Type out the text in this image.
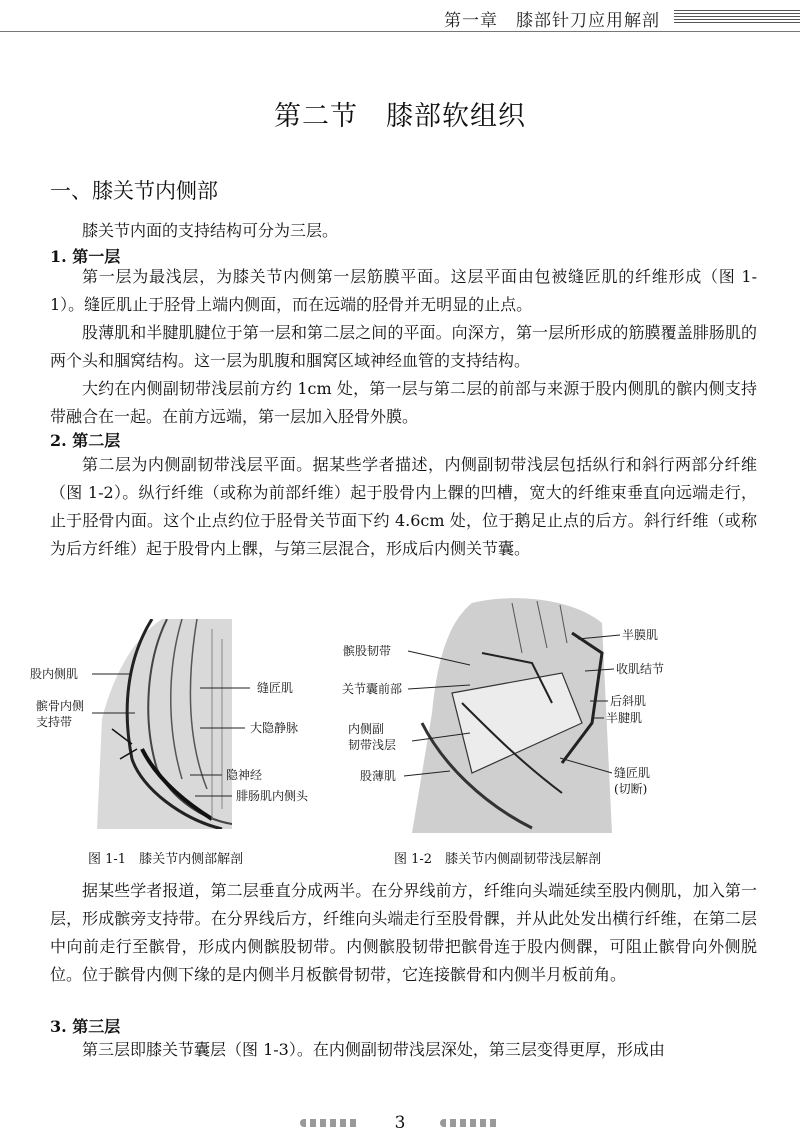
第一章　膝部针刀应用解剖
第二节　膝部软组织
一、膝关节内侧部

膝关节内面的支持结构可分为三层。

1. 第一层

第一层为最浅层，为膝关节内侧第一层筋膜平面。这层平面由包被缝匠肌的纤维形成（图 1-1）。缝匠肌止于胫骨上端内侧面，而在远端的胫骨并无明显的止点。

股薄肌和半腱肌腱位于第一层和第二层之间的平面。向深方，第一层所形成的筋膜覆盖腓肠肌的两个头和腘窝结构。这一层为肌腹和腘窝区域神经血管的支持结构。

大约在内侧副韧带浅层前方约 1cm 处，第一层与第二层的前部与来源于股内侧肌的髌内侧支持带融合在一起。在前方远端，第一层加入胫骨外膜。

2. 第二层

第二层为内侧副韧带浅层平面。据某些学者描述，内侧副韧带浅层包括纵行和斜行两部分纤维（图 1-2）。纵行纤维（或称为前部纤维）起于股骨内上髁的凹槽，宽大的纤维束垂直向远端走行，止于胫骨内面。这个止点约位于胫骨关节面下约 4.6cm 处，位于鹅足止点的后方。斜行纤维（或称为后方纤维）起于股骨内上髁，与第三层混合，形成后内侧关节囊。

股内侧肌
髌骨内侧
支持带
缝匠肌
大隐静脉
隐神经
腓肠肌内侧头
髌股韧带
关节囊前部
内侧副
韧带浅层
股薄肌
半膜肌
收肌结节
后斜肌
半腱肌
缝匠肌
(切断)
图 1-1　膝关节内侧部解剖	图 1-2　膝关节内侧副韧带浅层解剖

据某些学者报道，第二层垂直分成两半。在分界线前方，纤维向头端延续至股内侧肌，加入第一层，形成髌旁支持带。在分界线后方，纤维向头端走行至股骨髁，并从此处发出横行纤维，在第二层中向前走行至髌骨，形成内侧髌股韧带。内侧髌股韧带把髌骨连于股内侧髁，可阻止髌骨向外侧脱位。位于髌骨内侧下缘的是内侧半月板髌骨韧带，它连接髌骨和内侧半月板前角。

3. 第三层

第三层即膝关节囊层（图 1-3）。在内侧副韧带浅层深处，第三层变得更厚，形成由

3
